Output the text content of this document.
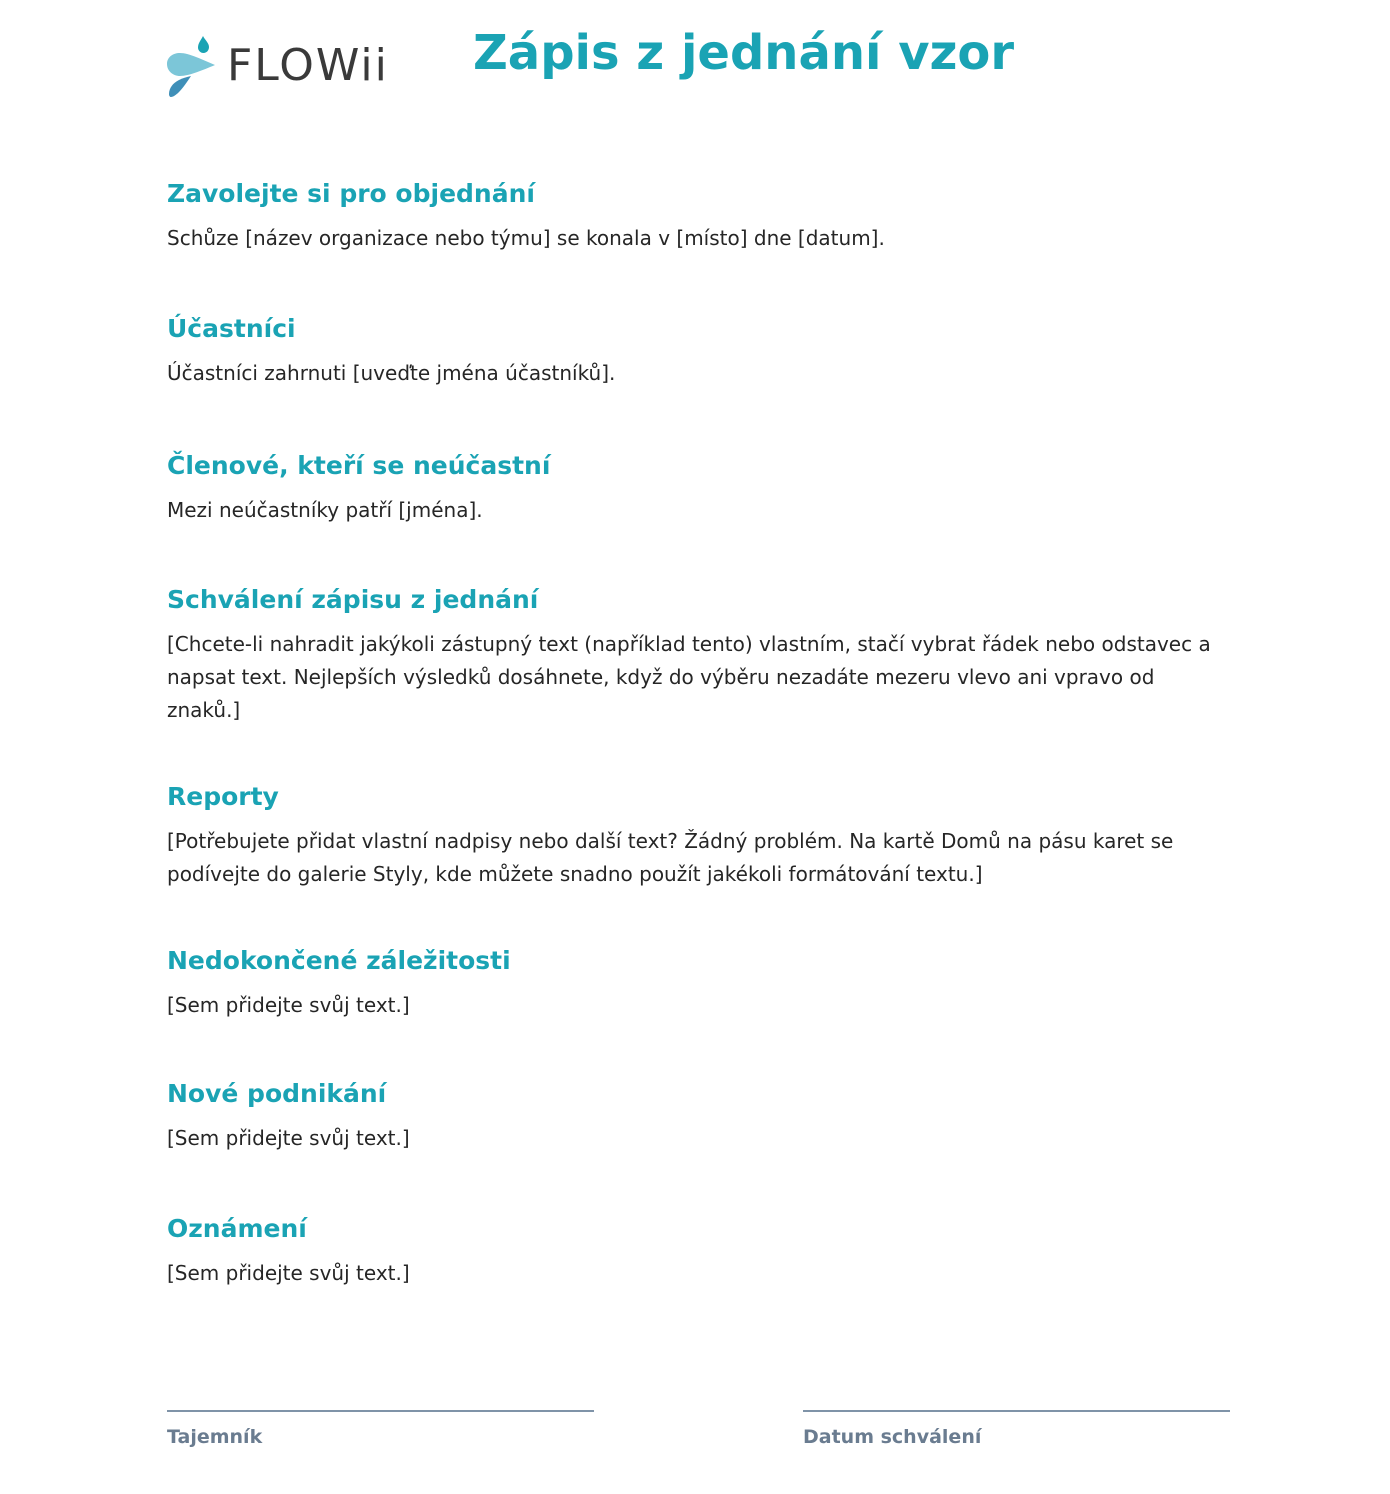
FLOWii Zápis z jednání vzor
Zavolejte si pro objednání

Schůze [název organizace nebo týmu] se konala v [místo] dne [datum].

Účastníci

Účastníci zahrnuti [uveďte jména účastníků].

Členové, kteří se neúčastní

Mezi neúčastníky patří [jména].

Schválení zápisu z jednání

[Chcete-li nahradit jakýkoli zástupný text (například tento) vlastním, stačí vybrat řádek nebo odstavec a napsat text. Nejlepších výsledků dosáhnete, když do výběru nezadáte mezeru vlevo ani vpravo od znaků.]

Reporty

[Potřebujete přidat vlastní nadpisy nebo další text? Žádný problém. Na kartě Domů na pásu karet se podívejte do galerie Styly, kde můžete snadno použít jakékoli formátování textu.]

Nedokončené záležitosti

[Sem přidejte svůj text.]

Nové podnikání

[Sem přidejte svůj text.]

Oznámení

[Sem přidejte svůj text.]

Tajemník	Datum schválení
